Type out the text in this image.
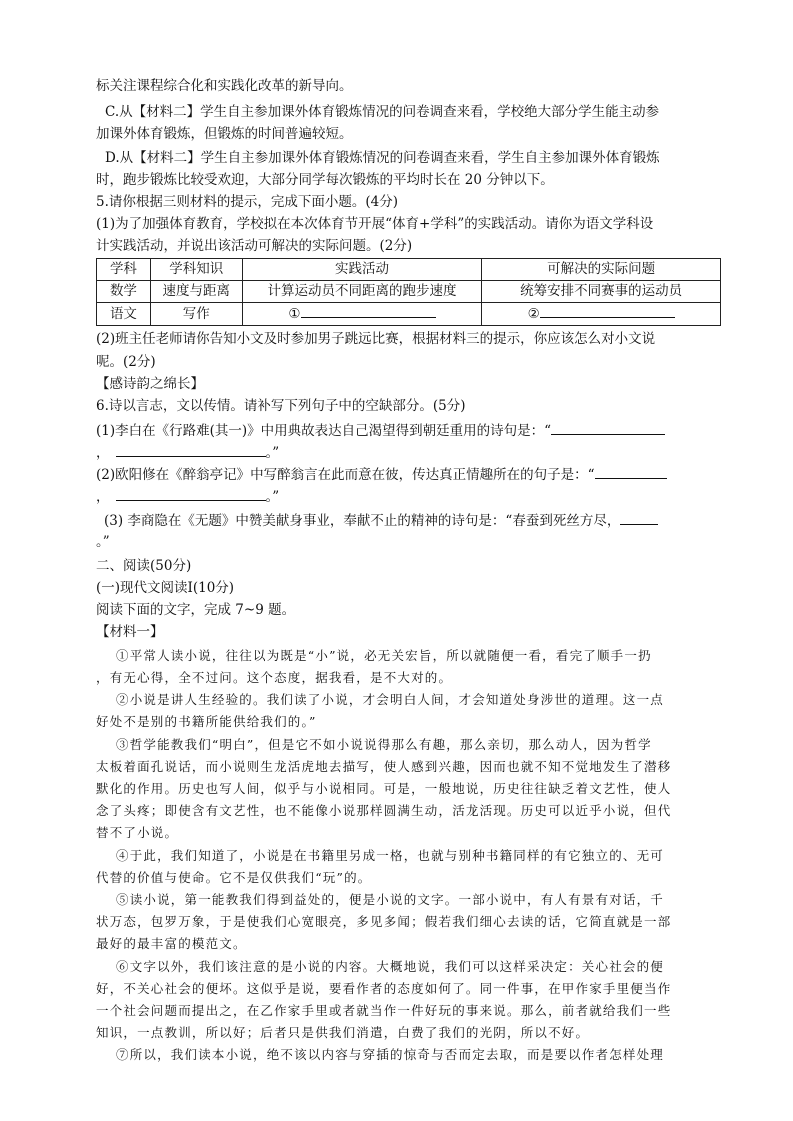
标关注课程综合化和实践化改革的新导向。
C.从【材料二】学生自主参加课外体育锻炼情况的问卷调查来看，学校绝大部分学生能主动参
加课外体育锻炼，但锻炼的时间普遍较短。
D.从【材料二】学生自主参加课外体育锻炼情况的问卷调查来看，学生自主参加课外体育锻炼
时，跑步锻炼比较受欢迎，大部分同学每次锻炼的平均时长在 20 分钟以下。
5.请你根据三则材料的提示，完成下面小题。(4分)
(1)为了加强体育教育，学校拟在本次体育节开展“体育+学科”的实践活动。请你为语文学科设
计实践活动，并说出该活动可解决的实际问题。(2分)
学科	学科知识	实践活动	可解决的实际问题
数学	速度与距离	计算运动员不同距离的跑步速度	统筹安排不同赛事的运动员
语文	写作	①	②
(2)班主任老师请你告知小文及时参加男子跳远比赛，根据材料三的提示，你应该怎么对小文说
呢。(2分)
【感诗韵之绵长】
6.诗以言志，文以传情。请补写下列句子中的空缺部分。(5分)
(1)李白在《行路难(其一)》中用典故表达自己渴望得到朝廷重用的诗句是：“
，	。”
(2)欧阳修在《醉翁亭记》中写醉翁言在此而意在彼，传达真正情趣所在的句子是：“
，	。”
(3) 李商隐在《无题》中赞美献身事业，奉献不止的精神的诗句是：“春蚕到死丝方尽，
。”
二、阅读(50分)
(一)现代文阅读Ⅰ(10分)
阅读下面的文字，完成 7~9 题。
【材料一】
①平常人读小说，往往以为既是“小”说，必无关宏旨，所以就随便一看，看完了顺手一扔
，有无心得，全不过问。这个态度，据我看，是不大对的。
②小说是讲人生经验的。我们读了小说，才会明白人间，才会知道处身涉世的道理。这一点
好处不是别的书籍所能供给我们的。”
③哲学能教我们“明白”，但是它不如小说说得那么有趣，那么亲切，那么动人，因为哲学
太板着面孔说话，而小说则生龙活虎地去描写，使人感到兴趣，因而也就不知不觉地发生了潜移
默化的作用。历史也写人间，似乎与小说相同。可是，一般地说，历史往往缺乏着文艺性，使人
念了头疼；即使含有文艺性，也不能像小说那样圆满生动，活龙活现。历史可以近乎小说，但代
替不了小说。
④于此，我们知道了，小说是在书籍里另成一格，也就与别种书籍同样的有它独立的、无可
代替的价值与使命。它不是仅供我们“玩”的。
⑤读小说，第一能教我们得到益处的，便是小说的文字。一部小说中，有人有景有对话，千
状万态，包罗万象，于是使我们心宽眼亮，多见多闻；假若我们细心去读的话，它简直就是一部
最好的最丰富的模范文。
⑥文字以外，我们该注意的是小说的内容。大概地说，我们可以这样采决定：关心社会的便
好，不关心社会的便坏。这似乎是说，要看作者的态度如何了。同一件事，在甲作家手里便当作
一个社会问题而提出之，在乙作家手里或者就当作一件好玩的事来说。那么，前者就给我们一些
知识，一点教训，所以好；后者只是供我们消遣，白费了我们的光阴，所以不好。
⑦所以，我们读本小说，绝不该以内容与穿插的惊奇与否而定去取，而是要以作者怎样处理
